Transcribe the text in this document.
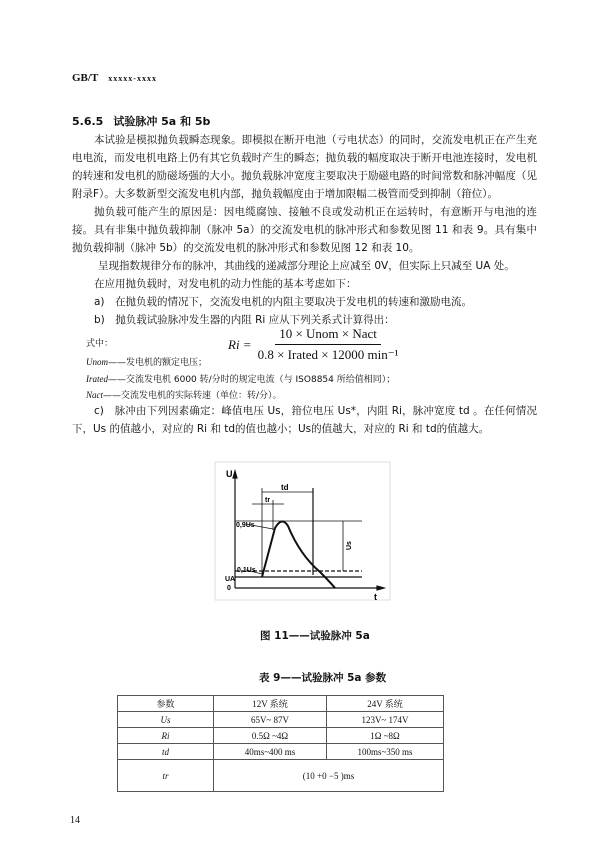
GB/T xxxxx-xxxx
5.6.5 试验脉冲 5a 和 5b
本试验是模拟抛负载瞬态现象。即模拟在断开电池（亏电状态）的同时，交流发电机正在产生充电电流，而发电机电路上仍有其它负载时产生的瞬态；抛负载的幅度取决于断开电池连接时，发电机的转速和发电机的励磁场强的大小。抛负载脉冲宽度主要取决于励磁电路的时间常数和脉冲幅度（见附录F）。大多数新型交流发电机内部，抛负载幅度由于增加限幅二极管而受到抑制（箝位）。
抛负载可能产生的原因是：因电缆腐蚀、接触不良或发动机正在运转时，有意断开与电池的连接。 具有非集中抛负载抑制（脉冲 5a）的交流发电机的脉冲形式和参数见图 11 和表 9。具有集中抛负载抑制（脉冲 5b）的交流发电机的脉冲形式和参数见图 12 和表 10。
呈现指数规律分布的脉冲，其曲线的递减部分理论上应减至 0V，但实际上只减至 UA 处。
在应用抛负载时，对发电机的动力性能的基本考虑如下：
a)　在抛负载的情况下，交流发电机的内阻主要取决于发电机的转速和激励电流。
b)　抛负载试验脉冲发生器的内阻 Ri 应从下列关系式计算得出：
$Ri = \frac{\text{10 × Unom × Nact}}{\text{0.8 × Irated × 12000 min⁻¹}}$
式中：
Unom——发电机的额定电压；
Irated——交流发电机 6000 转/分时的规定电流（与 ISO8854 所给值相同）；
Nact——交流发电机的实际转速（单位：转/分）。
c)　脉冲由下列因素确定：峰值电压 Us，箝位电压 Us*，内阻 Ri，脉冲宽度 td 。在任何情况下，Us 的值越小，对应的 Ri 和 td的值也越小；Us的值越大，对应的 Ri 和 td的值越大。
U
t
td
tr
0,9Us
0,1Us
UA
0
Us
图 11——试验脉冲 5a
表 9——试验脉冲 5a 参数
参数	12V 系统	24V 系统
Us	65V~ 87V	123V~ 174V
Ri	0.5Ω ~4Ω	1Ω ~8Ω
td	40ms~400 ms	100ms~350 ms
tr	(10 +0 −5 )ms	
14
